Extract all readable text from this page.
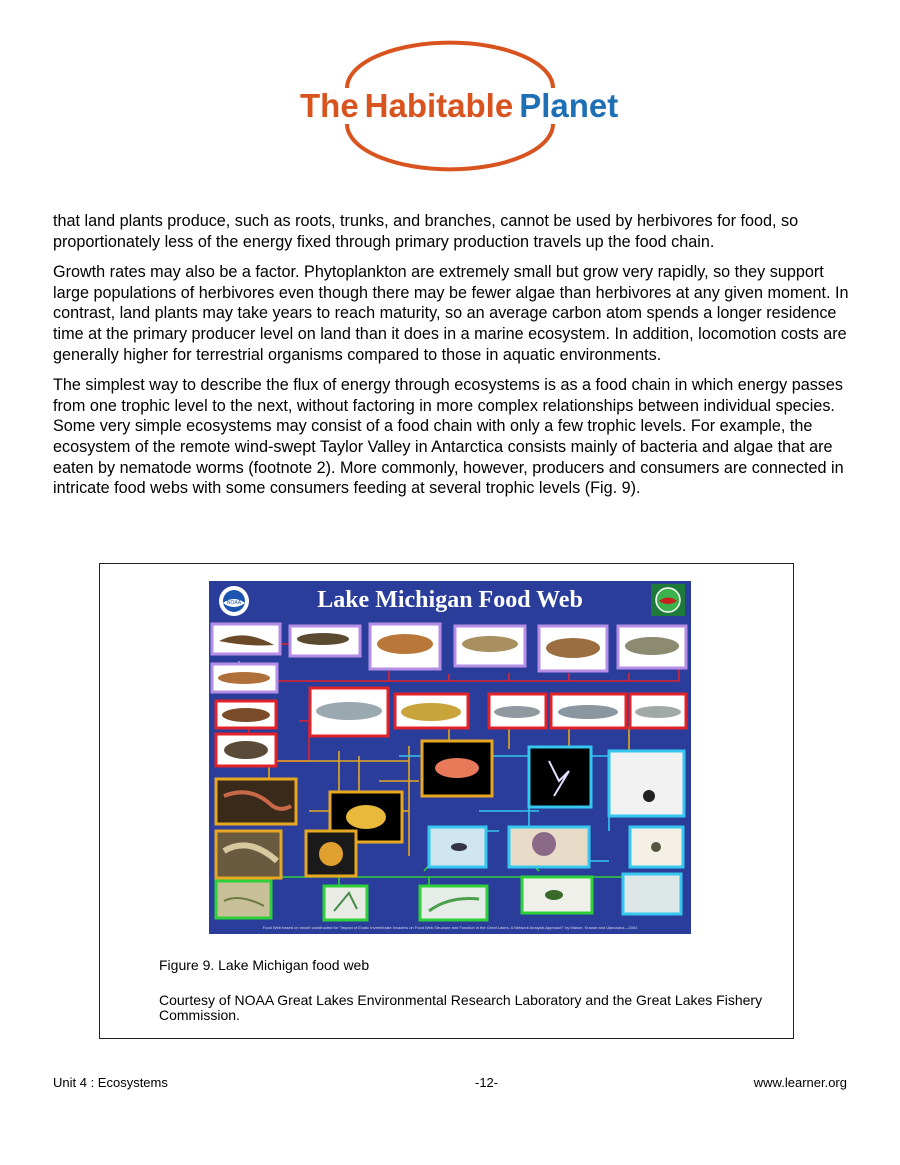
The Habitable Planet

that land plants produce, such as roots, trunks, and branches, cannot be used by herbivores for food, so proportionately less of the energy fixed through primary production travels up the food chain.

Growth rates may also be a factor. Phytoplankton are extremely small but grow very rapidly, so they support large populations of herbivores even though there may be fewer algae than herbivores at any given moment. In contrast, land plants may take years to reach maturity, so an average carbon atom spends a longer residence time at the primary producer level on land than it does in a marine ecosystem. In addition, locomotion costs are generally higher for terrestrial organisms compared to those in aquatic environments.

The simplest way to describe the flux of energy through ecosystems is as a food chain in which energy passes from one trophic level to the next, without factoring in more complex relationships between individual species. Some very simple ecosystems may consist of a food chain with only a few trophic levels. For example, the ecosystem of the remote wind-swept Taylor Valley in Antarctica consists mainly of bacteria and algae that are eaten by nematode worms (footnote 2). More commonly, however, producers and consumers are connected in intricate food webs with some consumers feeding at several trophic levels (Fig. 9).

NOAA	Lake Michigan Food Web
Food Web based on model constructed for "Impact of Exotic Invertebrate Invaders on Food Web Structure and Function in the Great Lakes: A Network Analysis Approach" by Mason, Krause and Ulanowicz—2002
Figure 9. Lake Michigan food web
Courtesy of NOAA Great Lakes Environmental Research Laboratory and the Great Lakes Fishery Commission.
Unit 4 : Ecosystems	-12-	www.learner.org
